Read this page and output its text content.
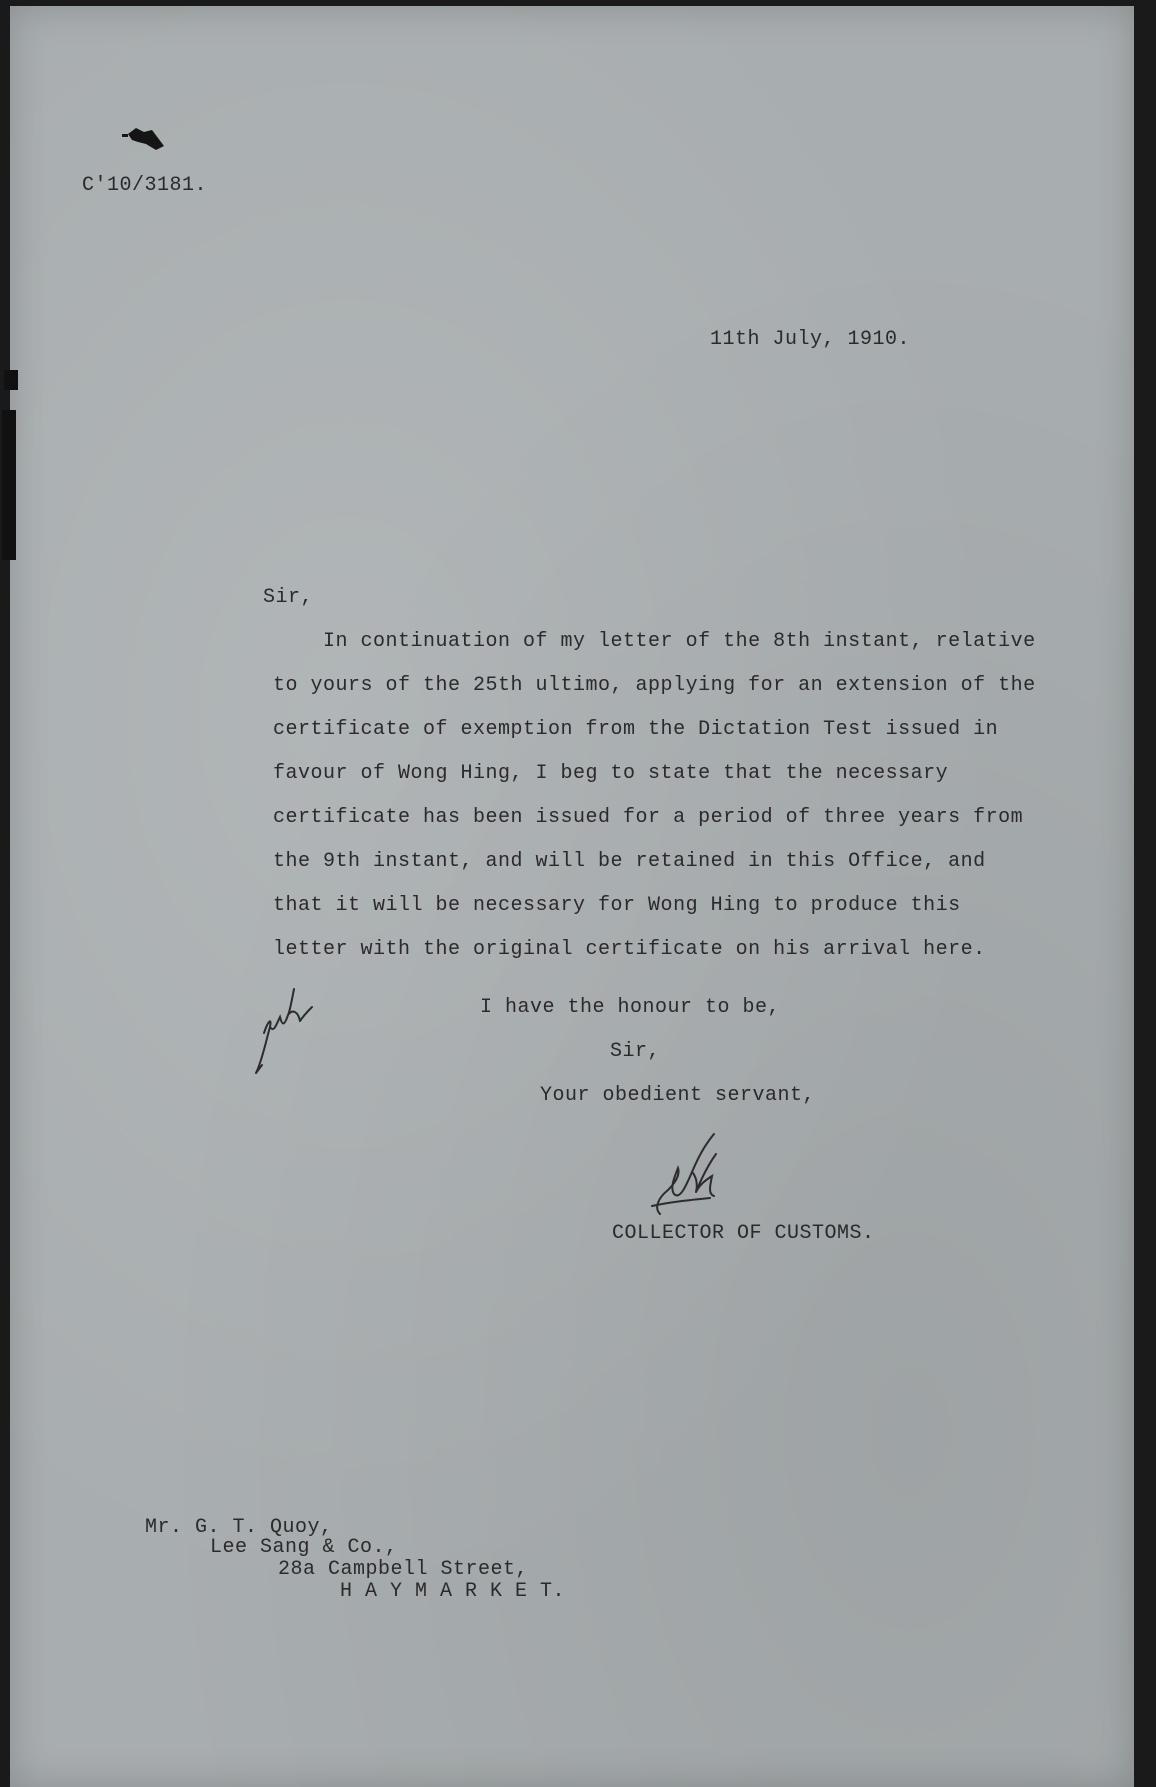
C'10/3181.
11th July, 1910.
Sir,
In continuation of my letter of the 8th instant, relative
to yours of the 25th ultimo, applying for an extension of the
certificate of exemption from the Dictation Test issued in
favour of Wong Hing, I beg to state that the necessary
certificate has been issued for a period of three years from
the 9th instant, and will be retained in this Office, and
that it will be necessary for Wong Hing to produce this
letter with the original certificate on his arrival here.
I have the honour to be,
Sir,
Your obedient servant,
COLLECTOR OF CUSTOMS.
Mr. G. T. Quoy,
Lee Sang & Co.,
28a Campbell Street,
H A Y M A R K E T.
